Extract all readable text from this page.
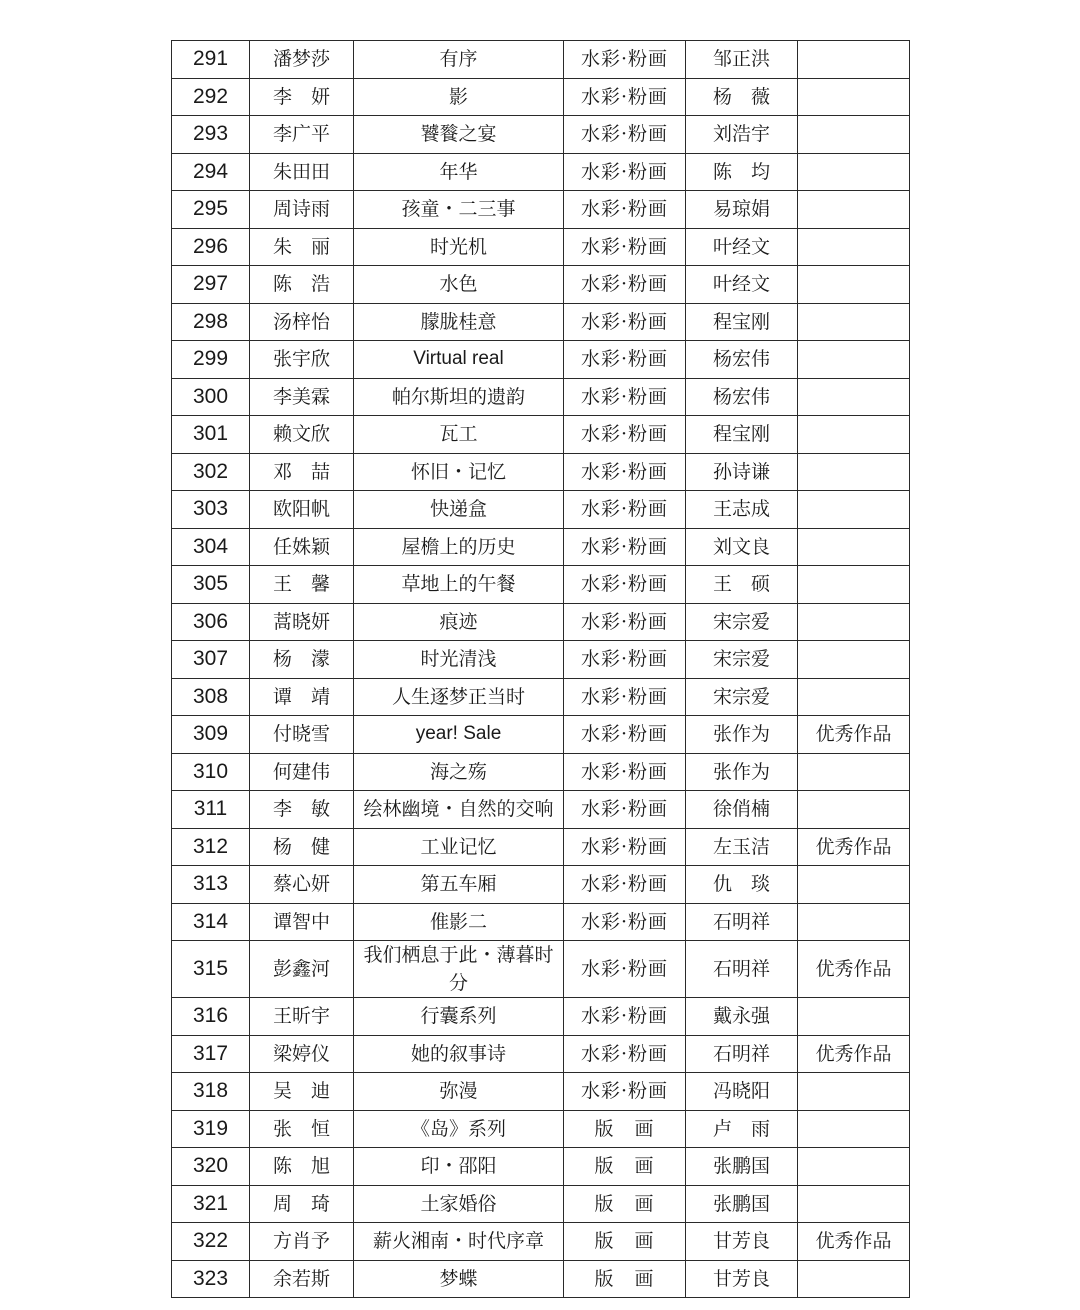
291	潘梦莎	有序	水彩·粉画	邹正洪	
292	李　妍	影	水彩·粉画	杨　薇	
293	李广平	饕餮之宴	水彩·粉画	刘浩宇	
294	朱田田	年华	水彩·粉画	陈　均	
295	周诗雨	孩童・二三事	水彩·粉画	易琼娟	
296	朱　丽	时光机	水彩·粉画	叶经文	
297	陈　浩	水色	水彩·粉画	叶经文	
298	汤梓怡	朦胧桂意	水彩·粉画	程宝刚	
299	张宇欣	Virtual real	水彩·粉画	杨宏伟	
300	李美霖	帕尔斯坦的遗韵	水彩·粉画	杨宏伟	
301	赖文欣	瓦工	水彩·粉画	程宝刚	
302	邓　喆	怀旧・记忆	水彩·粉画	孙诗谦	
303	欧阳帆	快递盒	水彩·粉画	王志成	
304	任姝颖	屋檐上的历史	水彩·粉画	刘文良	
305	王　馨	草地上的午餐	水彩·粉画	王　硕	
306	蒿晓妍	痕迹	水彩·粉画	宋宗爱	
307	杨　濛	时光清浅	水彩·粉画	宋宗爱	
308	谭　靖	人生逐梦正当时	水彩·粉画	宋宗爱	
309	付晓雪	year! Sale	水彩·粉画	张作为	优秀作品
310	何建伟	海之殇	水彩·粉画	张作为	
311	李　敏	绘林幽境・自然的交响	水彩·粉画	徐俏楠	
312	杨　健	工业记忆	水彩·粉画	左玉洁	优秀作品
313	蔡心妍	第五车厢	水彩·粉画	仇　琰	
314	谭智中	倠影二	水彩·粉画	石明祥	
315	彭鑫河	我们栖息于此・薄暮时分	水彩·粉画	石明祥	优秀作品
316	王昕宇	行囊系列	水彩·粉画	戴永强	
317	梁婷仪	她的叙事诗	水彩·粉画	石明祥	优秀作品
318	吴　迪	弥漫	水彩·粉画	冯晓阳	
319	张　恒	《岛》系列	版　画	卢　雨	
320	陈　旭	印・邵阳	版　画	张鹏国	
321	周　琦	土家婚俗	版　画	张鹏国	
322	方肖予	薪火湘南・时代序章	版　画	甘芳良	优秀作品
323	余若斯	梦蝶	版　画	甘芳良	
